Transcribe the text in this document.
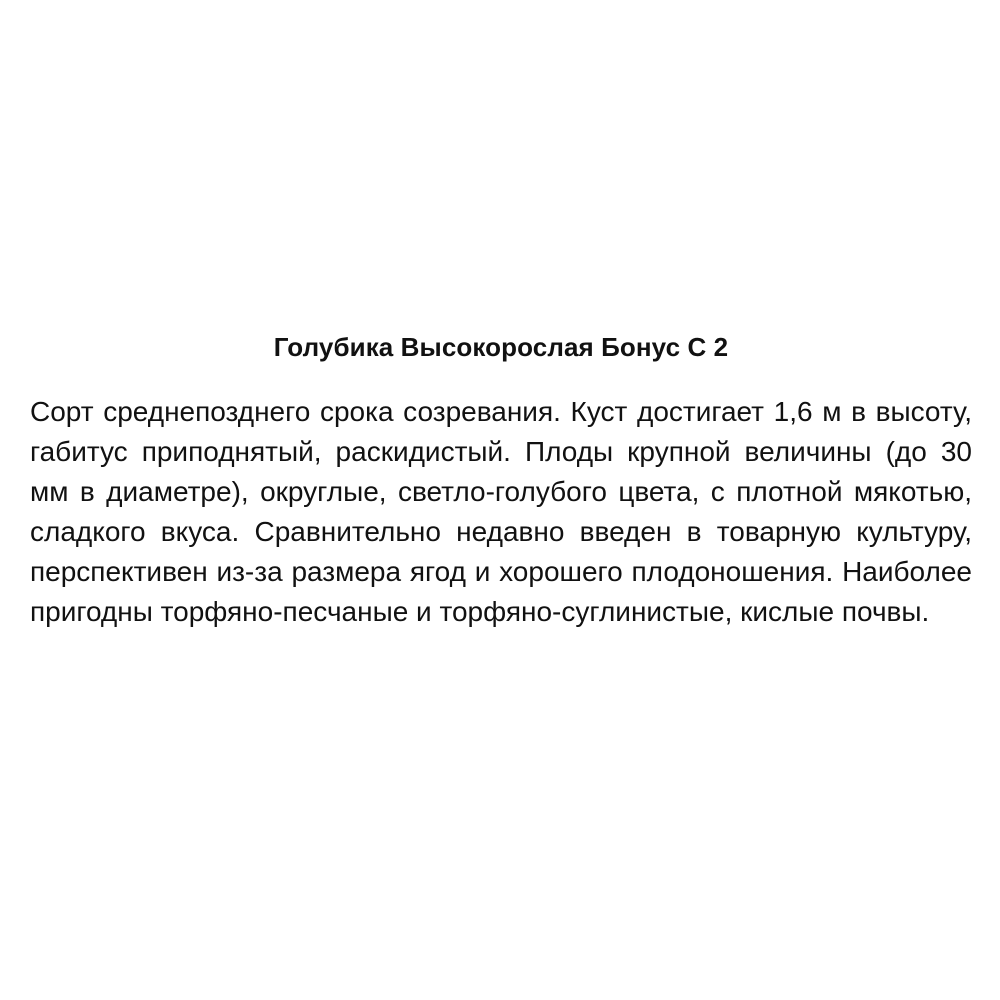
Голубика Высокорослая Бонус С 2

Сорт среднепозднего срока созревания. Куст достигает 1,6 м в высоту, габитус приподнятый, раскидистый. Плоды крупной величины (до 30 мм в диаметре), округлые, светло-голубого цвета, с плотной мякотью, сладкого вкуса. Сравнительно недавно введен в товарную культуру, перспективен из-за размера ягод и хорошего плодоношения. Наиболее пригодны торфяно-песчаные и торфяно-суглинистые, кислые почвы.
